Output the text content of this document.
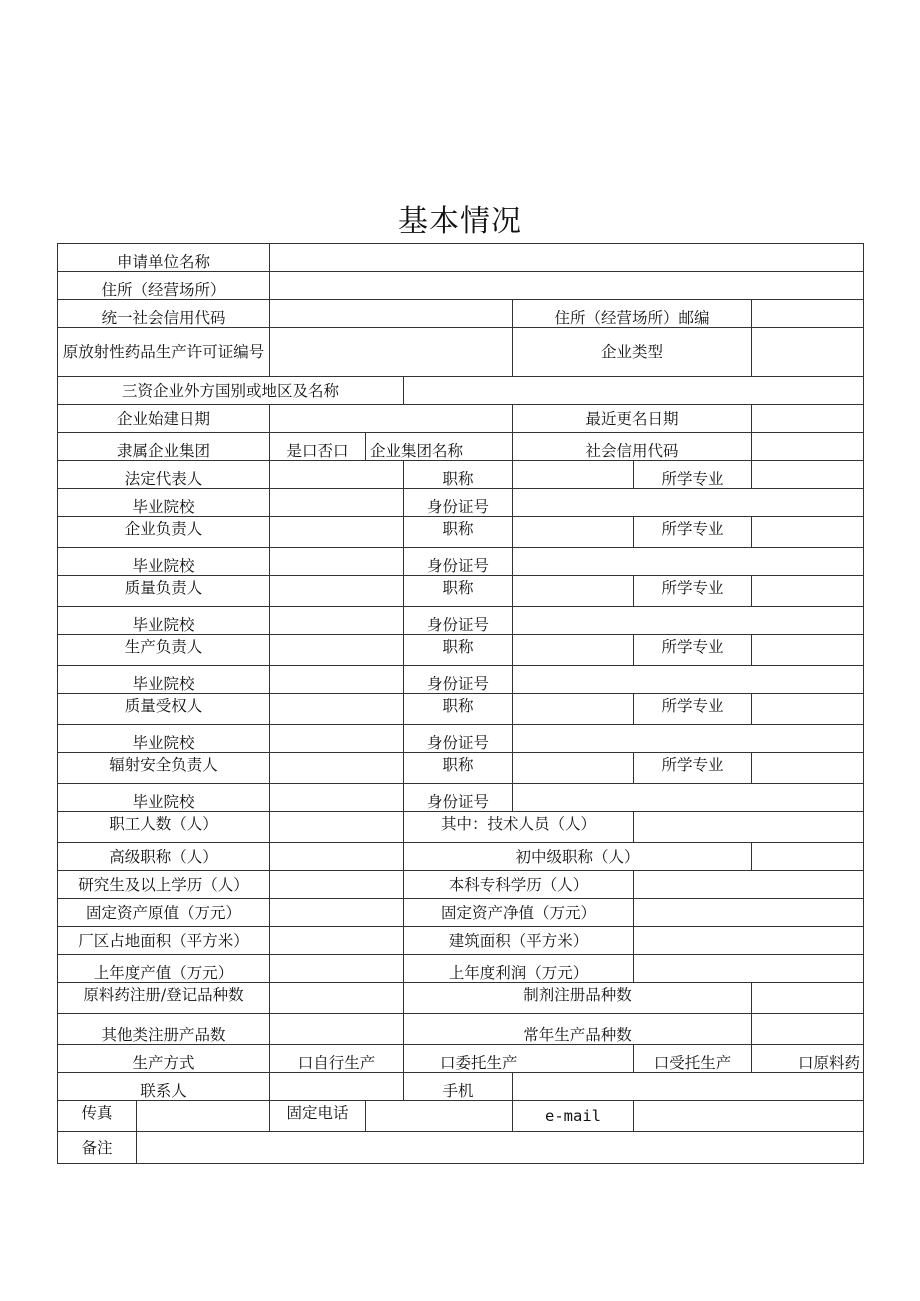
基本情况
申请单位名称							
住所（经营场所）							
统一社会信用代码					住所（经营场所）邮编		
原放射性药品生产许可证编号					企业类型		
三资企业外方国别或地区及名称							
企业始建日期					最近更名日期		
隶属企业集团		是口否口	企业集团名称		社会信用代码		
法定代表人				职称		所学专业	
毕业院校				身份证号			
企业负责人				职称		所学专业	
毕业院校				身份证号			
质量负责人				职称		所学专业	
毕业院校				身份证号			
生产负责人				职称		所学专业	
毕业院校				身份证号			
质量受权人				职称		所学专业	
毕业院校				身份证号			
辐射安全负责人				职称		所学专业	
毕业院校				身份证号			
职工人数（人）				其中：技术人员（人）			
高级职称（人）				初中级职称（人）			
研究生及以上学历（人）				本科专科学历（人）			
固定资产原值（万元）				固定资产净值（万元）			
厂区占地面积（平方米）				建筑面积（平方米）			
上年度产值（万元）				上年度利润（万元）			
原料药注册/登记品种数				制剂注册品种数			
其他类注册产品数				常年生产品种数			
生产方式		口自行生产		口委托生产		口受托生产	口原料药
联系人				手机			
传真		固定电话			e-mail		
备注							
